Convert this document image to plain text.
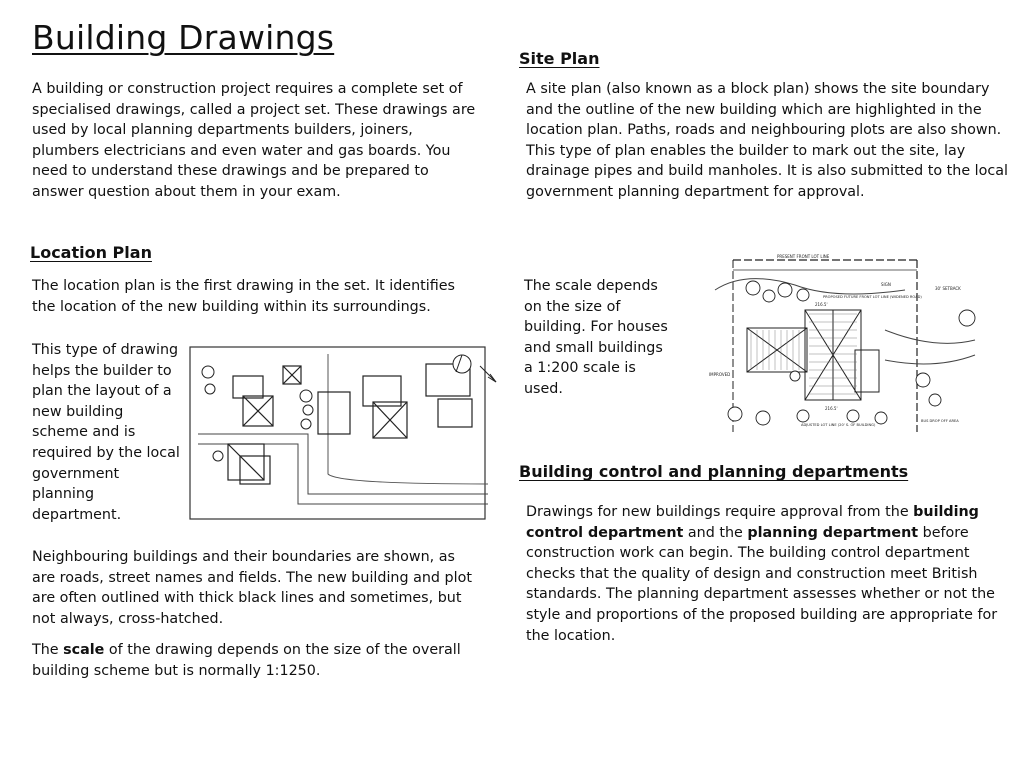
Building Drawings
A building or construction project requires a complete set of specialised drawings, called a project set. These drawings are used by local planning departments builders, joiners, plumbers electricians and even water and gas boards. You need to understand these drawings and be prepared to answer question about them in your exam.
Location Plan
The location plan is the first drawing in the set. It identifies the location of the new building within its surroundings.
This type of drawing helps the builder to plan the layout of a new building scheme and is required by the local government planning department.
Neighbouring buildings and their boundaries are shown, as are roads, street names and fields. The new building and plot are often outlined with thick black lines and sometimes, but not always, cross-hatched.
The scale of the drawing depends on the size of the overall building scheme but is normally 1:1250.
Site Plan
A site plan (also known as a block plan) shows the site boundary and the outline of the new building which are highlighted in the location plan. Paths, roads and neighbouring plots are also shown. This type of plan enables the builder to mark out the site, lay drainage pipes and build manholes. It is also submitted to the local government planning department for approval.
The scale depends on the size of building. For houses and small buildings a 1:200 scale is used.
PRESENT FRONT LOT LINE
PROPOSED FUTURE FRONT LOT LINE (WIDENED ROAD)
30' SETBACK
SIGN
IMPROVED
ADJUSTED LOT LINE (20' S. OF BUILDING)
BUS DROP OFF AREA
216.5'
216.5'
Building control and planning departments
Drawings for new buildings require approval from the building control department and the planning department before construction work can begin. The building control department checks that the quality of design and construction meet British standards. The planning department assesses whether or not the style and proportions of the proposed building are appropriate for the location.
